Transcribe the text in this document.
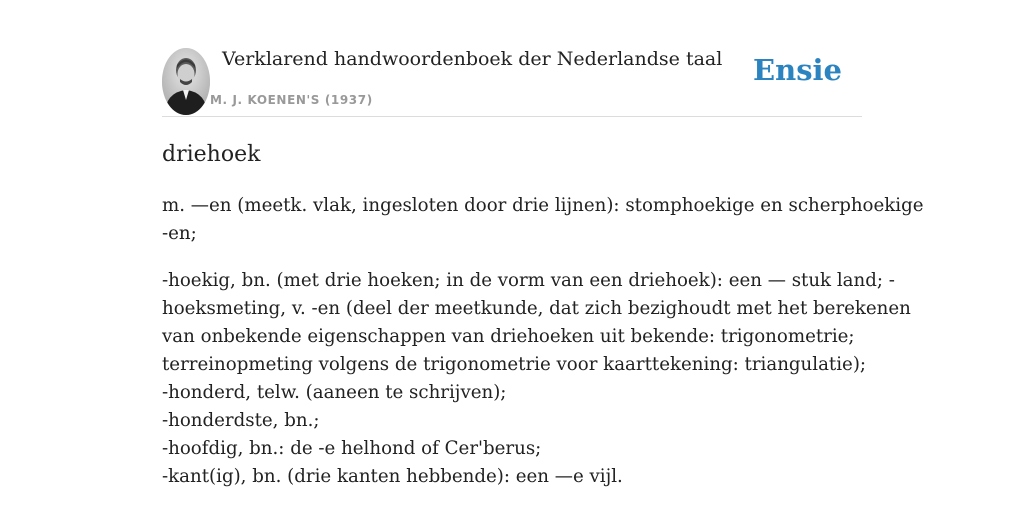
Verklarend handwoordenboek der Nederlandse taal
M. J. KOENEN'S (1937)
Ensie
driehoek

m. —en (meetk. vlak, ingesloten door drie lijnen): stomphoekige en scherphoekige
-en;

-hoekig, bn. (met drie hoeken; in de vorm van een driehoek): een — stuk land; -
hoeksmeting, v. -en (deel der meetkunde, dat zich bezighoudt met het berekenen
van onbekende eigenschappen van driehoeken uit bekende: trigonometrie;
terreinopmeting volgens de trigonometrie voor kaarttekening: triangulatie);
-honderd, telw. (aaneen te schrijven);
-honderdste, bn.;
-hoofdig, bn.: de -e helhond of Cer'berus;
-kant(ig), bn. (drie kanten hebbende): een —e vijl.
